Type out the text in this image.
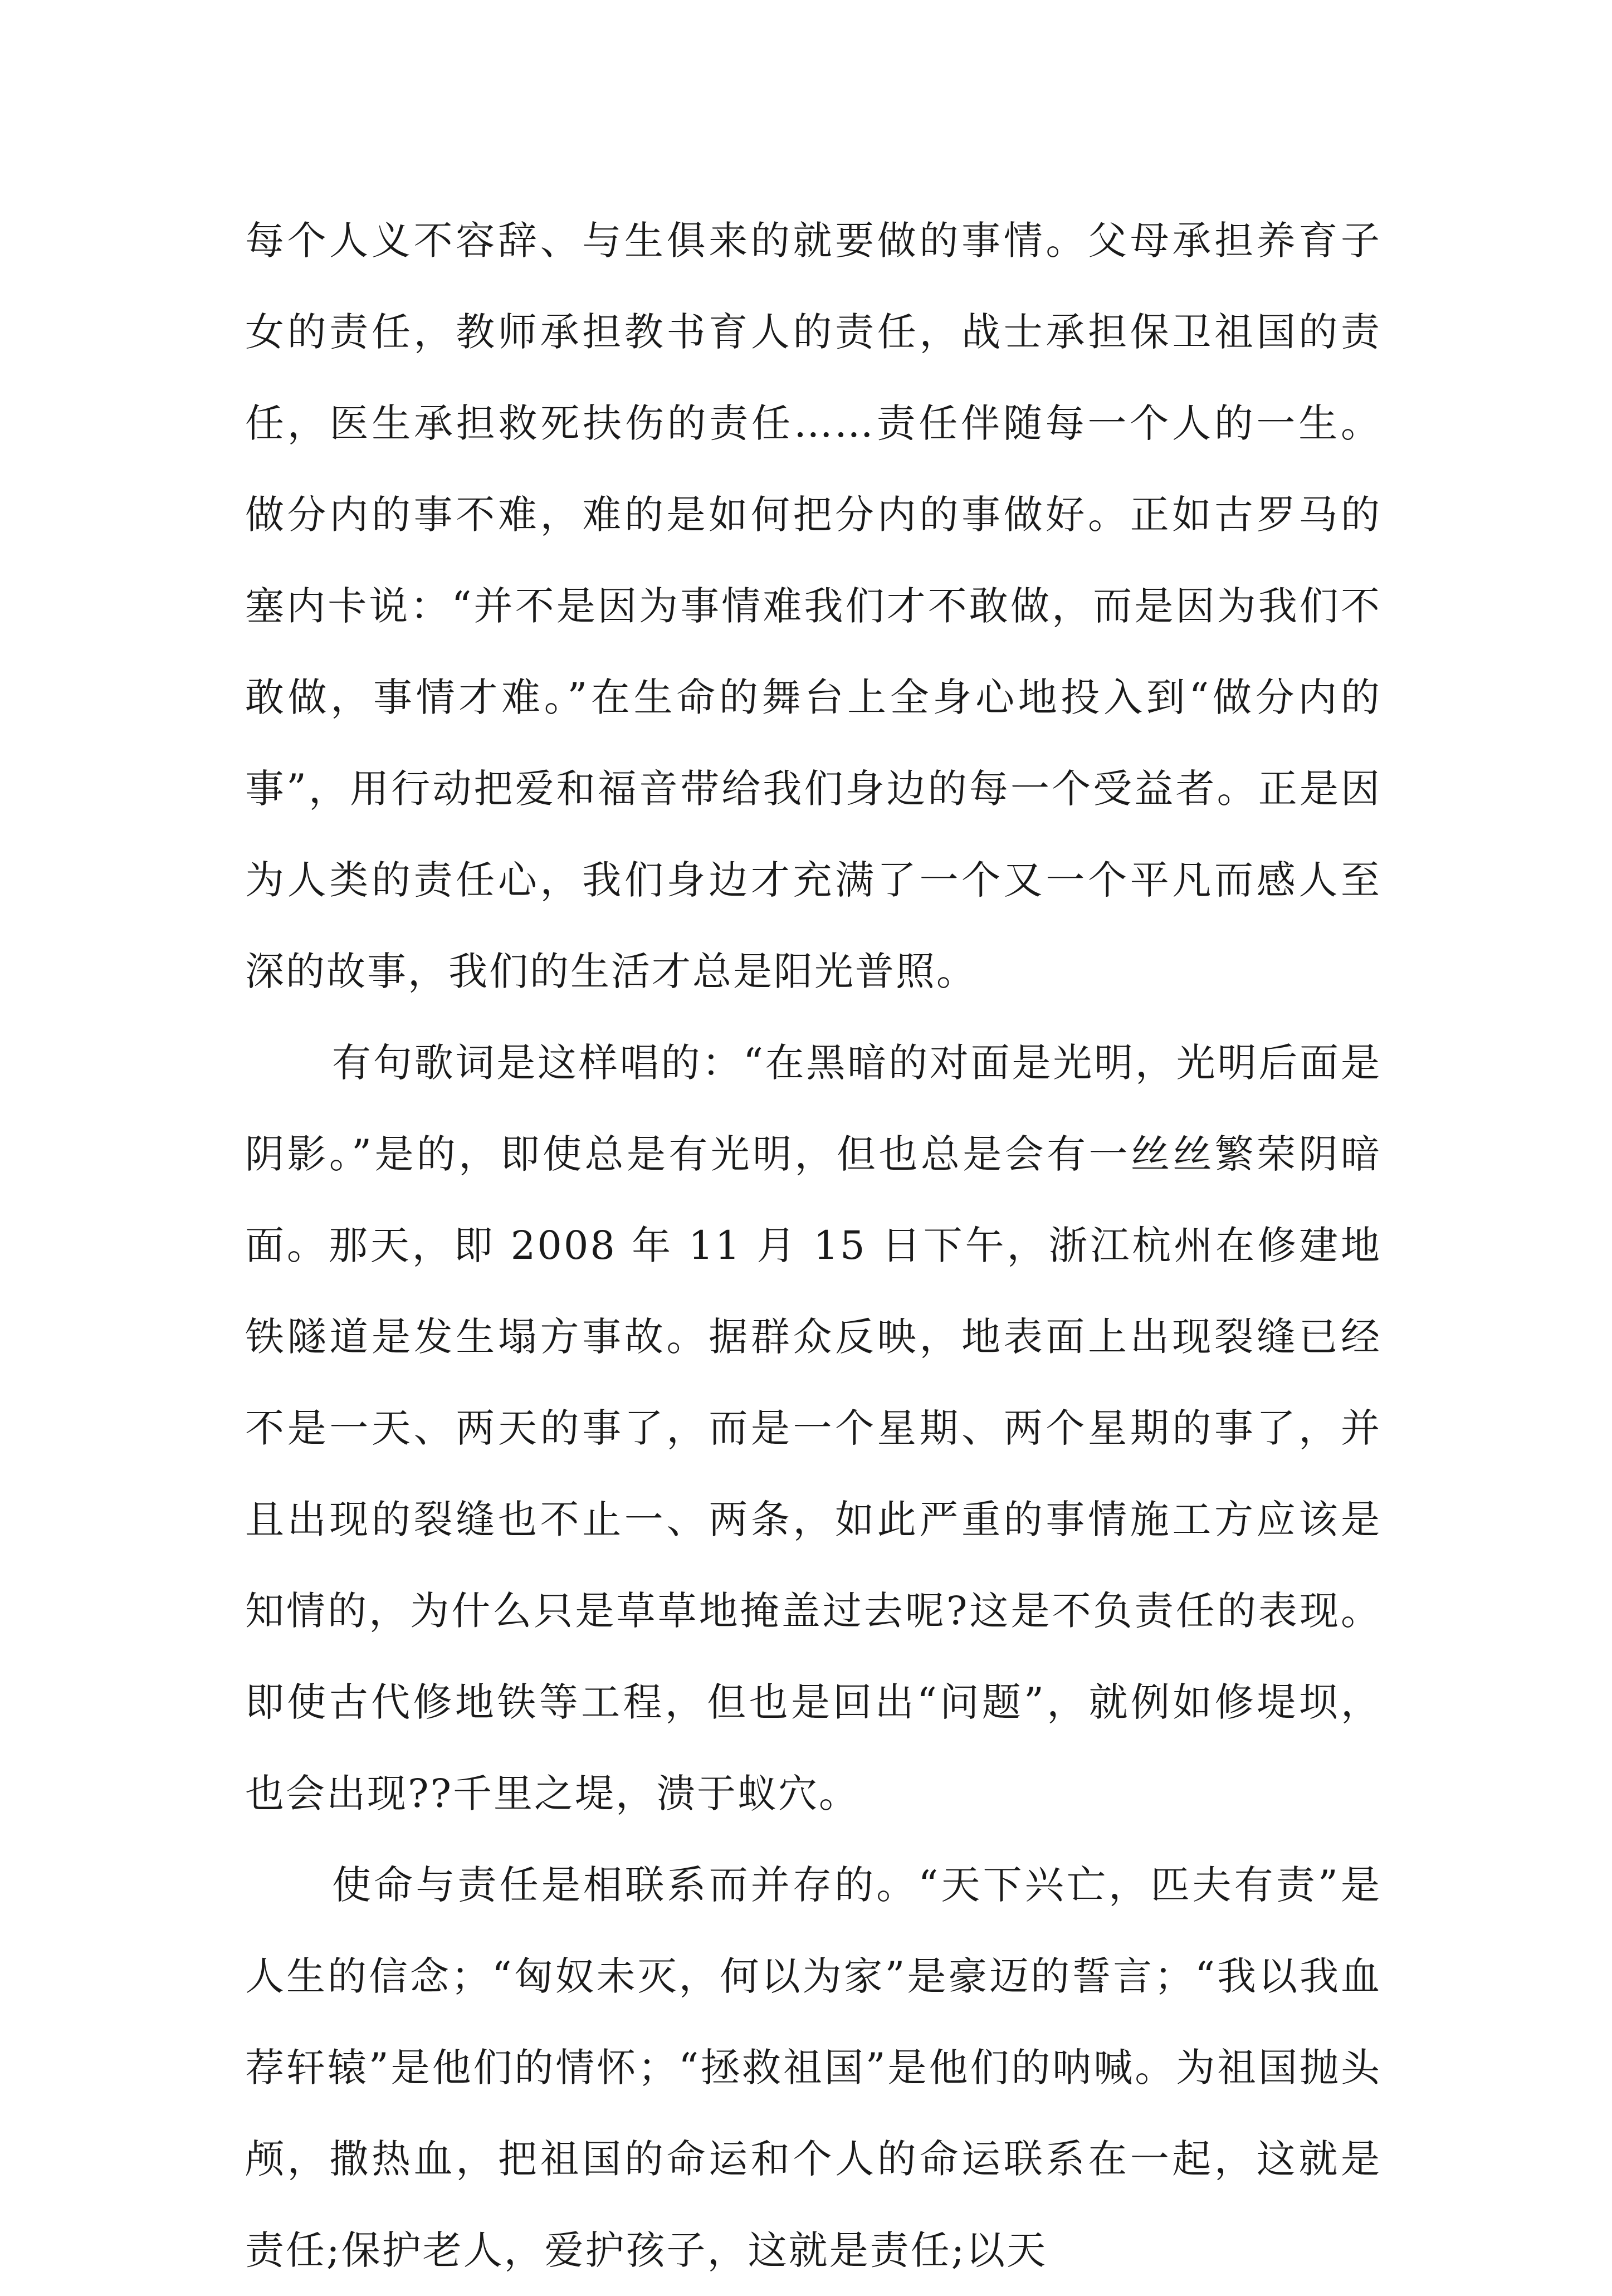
每个人义不容辞、与生俱来的就要做的事情。父母承担养育子女的责任，教师承担教书育人的责任，战士承担保卫祖国的责任，医生承担救死扶伤的责任……责任伴随每一个人的一生。做分内的事不难，难的是如何把分内的事做好。正如古罗马的塞内卡说：“并不是因为事情难我们才不敢做，而是因为我们不敢做，事情才难。”在生命的舞台上全身心地投入到“做分内的事”，用行动把爱和福音带给我们身边的每一个受益者。正是因为人类的责任心，我们身边才充满了一个又一个平凡而感人至深的故事，我们的生活才总是阳光普照。

有句歌词是这样唱的：“在黑暗的对面是光明，光明后面是阴影。”是的，即使总是有光明，但也总是会有一丝丝繁荣阴暗面。那天，即 2008 年 11 月 15 日下午，浙江杭州在修建地铁隧道是发生塌方事故。据群众反映，地表面上出现裂缝已经不是一天、两天的事了，而是一个星期、两个星期的事了，并且出现的裂缝也不止一、两条，如此严重的事情施工方应该是知情的，为什么只是草草地掩盖过去呢?这是不负责任的表现。即使古代修地铁等工程，但也是回出“问题”，就例如修堤坝，也会出现??千里之堤，溃于蚁穴。

使命与责任是相联系而并存的。“天下兴亡，匹夫有责”是人生的信念；“匈奴未灭，何以为家”是豪迈的誓言；“我以我血荐轩辕”是他们的情怀；“拯救祖国”是他们的呐喊。为祖国抛头颅，撒热血，把祖国的命运和个人的命运联系在一起，这就是责任;保护老人，爱护孩子，这就是责任;以天
